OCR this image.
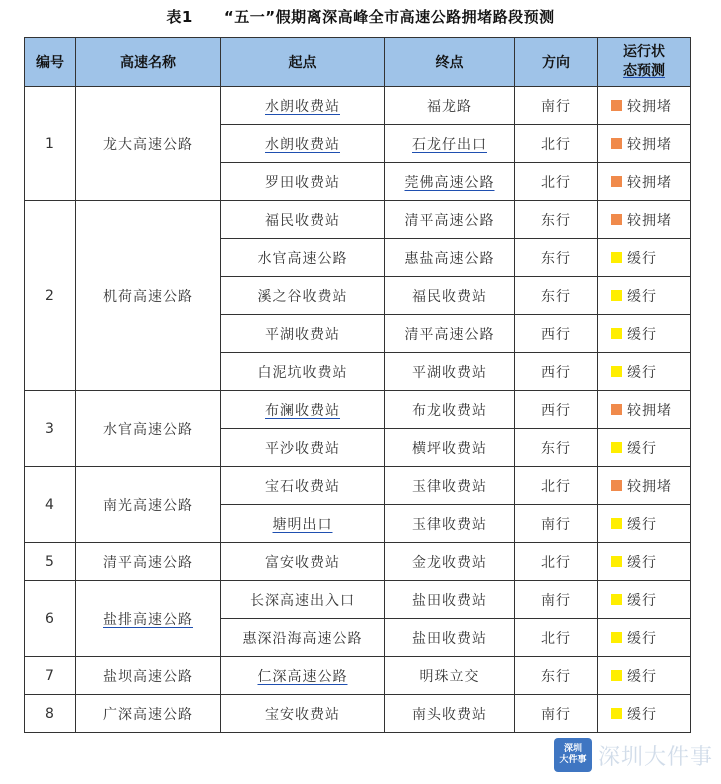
表1　　“五一”假期离深高峰全市高速公路拥堵路段预测
编号	高速名称	起点	终点	方向	运行状
态预测

1	龙大高速公路	水朗收费站	福龙路	南行	较拥堵

		水朗收费站	石龙仔出口	北行	较拥堵

		罗田收费站	莞佛高速公路	北行	较拥堵

2	机荷高速公路	福民收费站	清平高速公路	东行	较拥堵

		水官高速公路	惠盐高速公路	东行	缓行

		溪之谷收费站	福民收费站	东行	缓行

		平湖收费站	清平高速公路	西行	缓行

		白泥坑收费站	平湖收费站	西行	缓行

3	水官高速公路	布澜收费站	布龙收费站	西行	较拥堵

		平沙收费站	横坪收费站	东行	缓行

4	南光高速公路	宝石收费站	玉律收费站	北行	较拥堵

		塘明出口	玉律收费站	南行	缓行

5	清平高速公路	富安收费站	金龙收费站	北行	缓行

6	盐排高速公路	长深高速出入口	盐田收费站	南行	缓行

		惠深沿海高速公路	盐田收费站	北行	缓行

7	盐坝高速公路	仁深高速公路	明珠立交	东行	缓行

8	广深高速公路	宝安收费站	南头收费站	南行	缓行
深圳
大件事 深圳大件事
